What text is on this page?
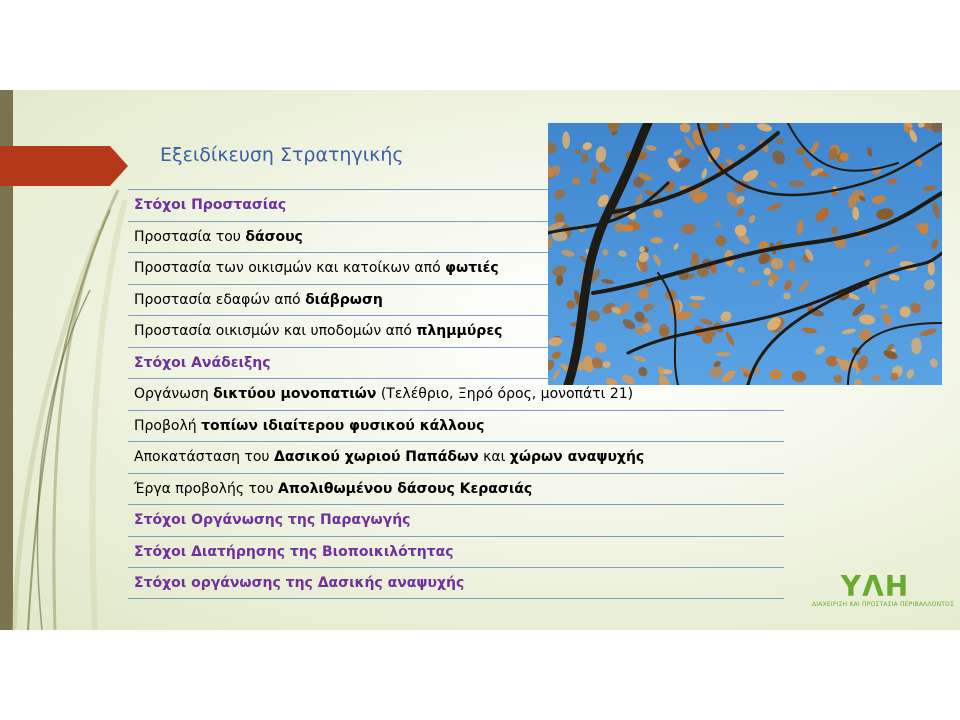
Εξειδίκευση Στρατηγικής
Στόχοι Προστασίας
Προστασία του δάσους
Προστασία των οικισμών και κατοίκων από φωτιές
Προστασία εδαφών από διάβρωση
Προστασία οικισμών και υποδομών από πλημμύρες
Στόχοι Ανάδειξης
Οργάνωση δικτύου μονοπατιών (Τελέθριο, Ξηρό όρος, μονοπάτι 21)
Προβολή τοπίων ιδιαίτερου φυσικού κάλλους
Αποκατάσταση του Δασικού χωριού Παπάδων και χώρων αναψυχής
Έργα προβολής του Απολιθωμένου δάσους Κερασιάς
Στόχοι Οργάνωσης της Παραγωγής
Στόχοι Διατήρησης της Βιοποικιλότητας
Στόχοι οργάνωσης της Δασικής αναψυχής	ΥΛΗ
ΔΙΑΧΕΙΡΙΣΗ ΚΑΙ ΠΡΟΣΤΑΣΙΑ ΠΕΡΙΒΑΛΛΟΝΤΟΣ
